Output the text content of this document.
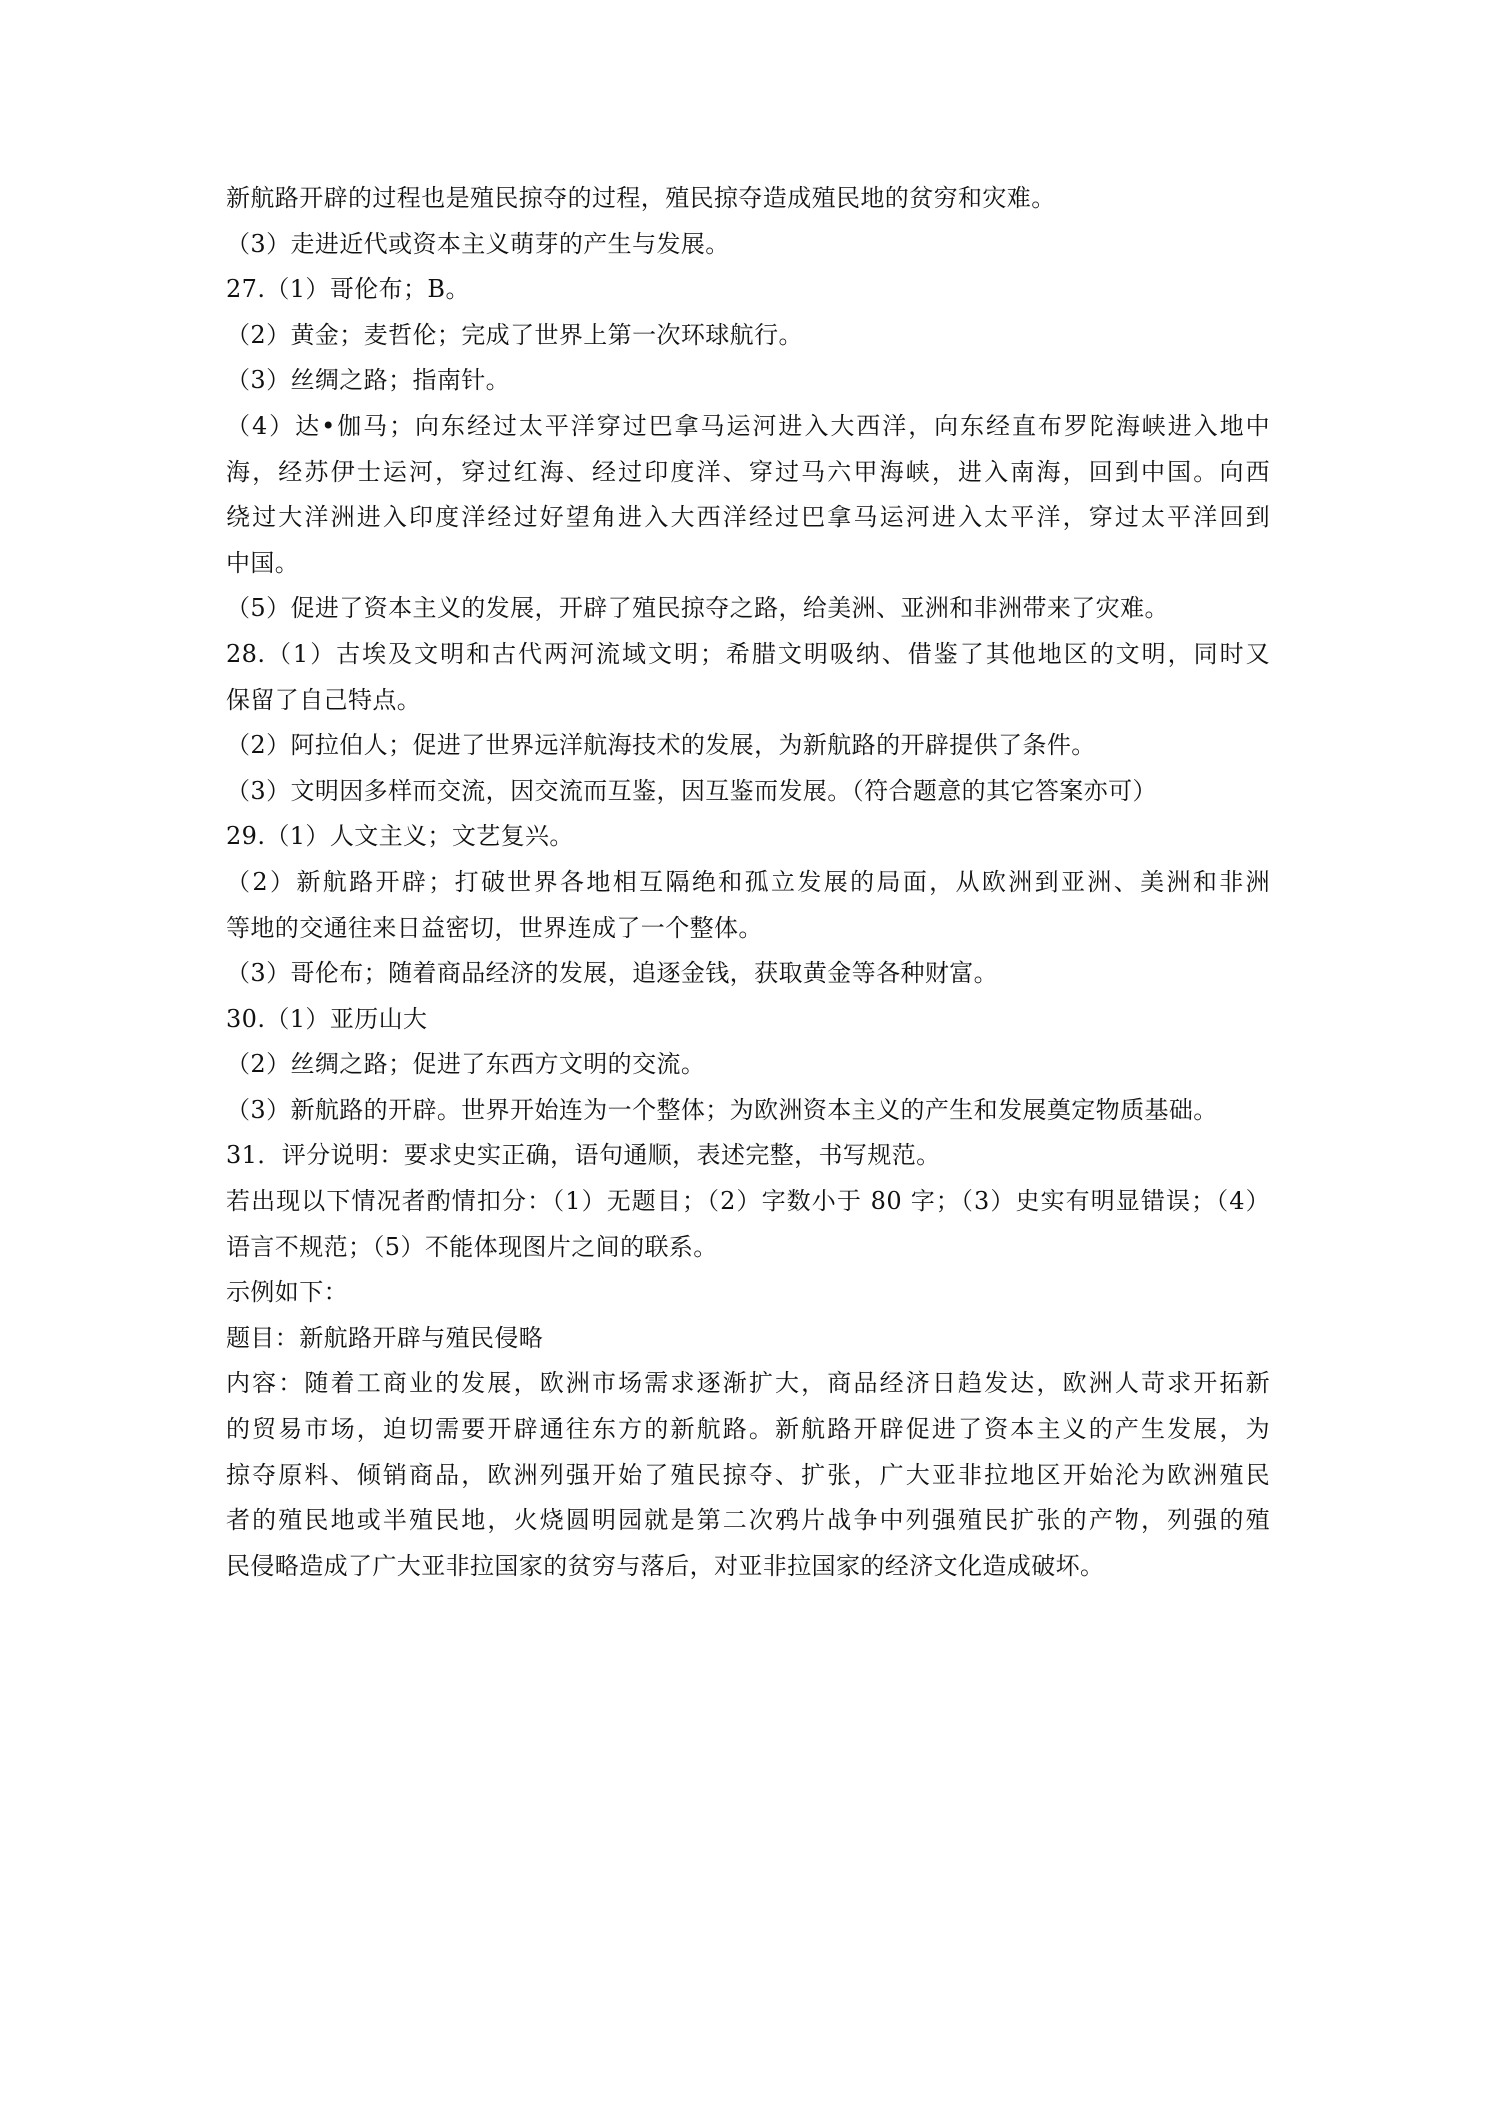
新航路开辟的过程也是殖民掠夺的过程，殖民掠夺造成殖民地的贫穷和灾难。
（3）走进近代或资本主义萌芽的产生与发展。
27.（1）哥伦布；B。
（2）黄金；麦哲伦；完成了世界上第一次环球航行。
（3）丝绸之路；指南针。
（4）达•伽马；向东经过太平洋穿过巴拿马运河进入大西洋，向东经直布罗陀海峡进入地中
海，经苏伊士运河，穿过红海、经过印度洋、穿过马六甲海峡，进入南海，回到中国。向西
绕过大洋洲进入印度洋经过好望角进入大西洋经过巴拿马运河进入太平洋，穿过太平洋回到
中国。
（5）促进了资本主义的发展，开辟了殖民掠夺之路，给美洲、亚洲和非洲带来了灾难。
28.（1）古埃及文明和古代两河流域文明；希腊文明吸纳、借鉴了其他地区的文明，同时又
保留了自己特点。
（2）阿拉伯人；促进了世界远洋航海技术的发展，为新航路的开辟提供了条件。
（3）文明因多样而交流，因交流而互鉴，因互鉴而发展。（符合题意的其它答案亦可）
29.（1）人文主义；文艺复兴。
（2）新航路开辟；打破世界各地相互隔绝和孤立发展的局面，从欧洲到亚洲、美洲和非洲
等地的交通往来日益密切，世界连成了一个整体。
（3）哥伦布；随着商品经济的发展，追逐金钱，获取黄金等各种财富。
30.（1）亚历山大
（2）丝绸之路；促进了东西方文明的交流。
（3）新航路的开辟。世界开始连为一个整体；为欧洲资本主义的产生和发展奠定物质基础。
31．评分说明：要求史实正确，语句通顺，表述完整，书写规范。
若出现以下情况者酌情扣分：（1）无题目；（2）字数小于 80 字；（3）史实有明显错误；（4）
语言不规范；（5）不能体现图片之间的联系。
示例如下：
题目：新航路开辟与殖民侵略
内容：随着工商业的发展，欧洲市场需求逐渐扩大，商品经济日趋发达，欧洲人苛求开拓新
的贸易市场，迫切需要开辟通往东方的新航路。新航路开辟促进了资本主义的产生发展，为
掠夺原料、倾销商品，欧洲列强开始了殖民掠夺、扩张，广大亚非拉地区开始沦为欧洲殖民
者的殖民地或半殖民地，火烧圆明园就是第二次鸦片战争中列强殖民扩张的产物，列强的殖
民侵略造成了广大亚非拉国家的贫穷与落后，对亚非拉国家的经济文化造成破坏。
